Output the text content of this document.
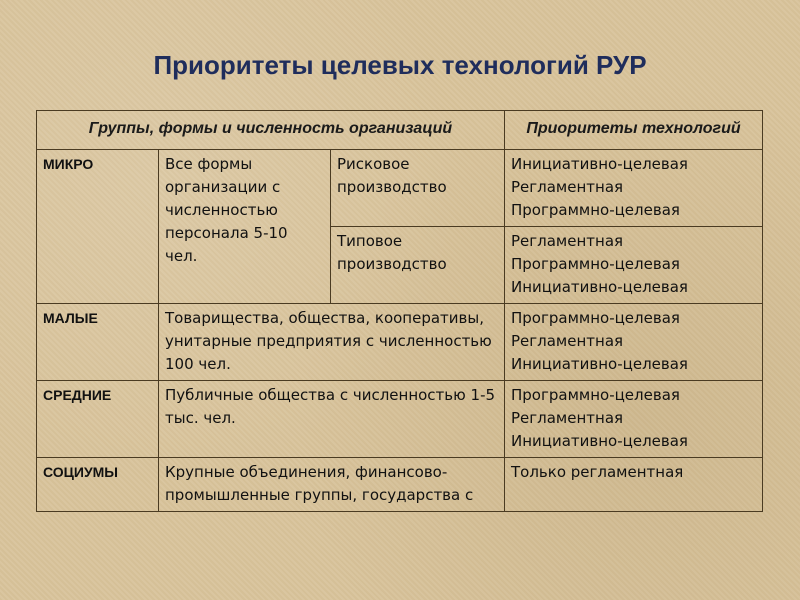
Приоритеты целевых технологий РУР
Группы, формы и численность организаций			Приоритеты технологий
МИКРО	Все формы организации с численностью персонала 5-10 чел.	Рисковое производство	Инициативно-целевая
Регламентная
Программно-целевая

		Типовое производство	Регламентная
Программно-целевая
Инициативно-целевая

МАЛЫЕ	Товарищества, общества, кооперативы, унитарные предприятия с численностью 100 чел.		Программно-целевая
Регламентная
Инициативно-целевая

СРЕДНИЕ	Публичные общества с численностью 1-5 тыс. чел.		Программно-целевая
Регламентная
Инициативно-целевая

СОЦИУМЫ	Крупные объединения, финансово-промышленные группы, государства с		Только регламентная
